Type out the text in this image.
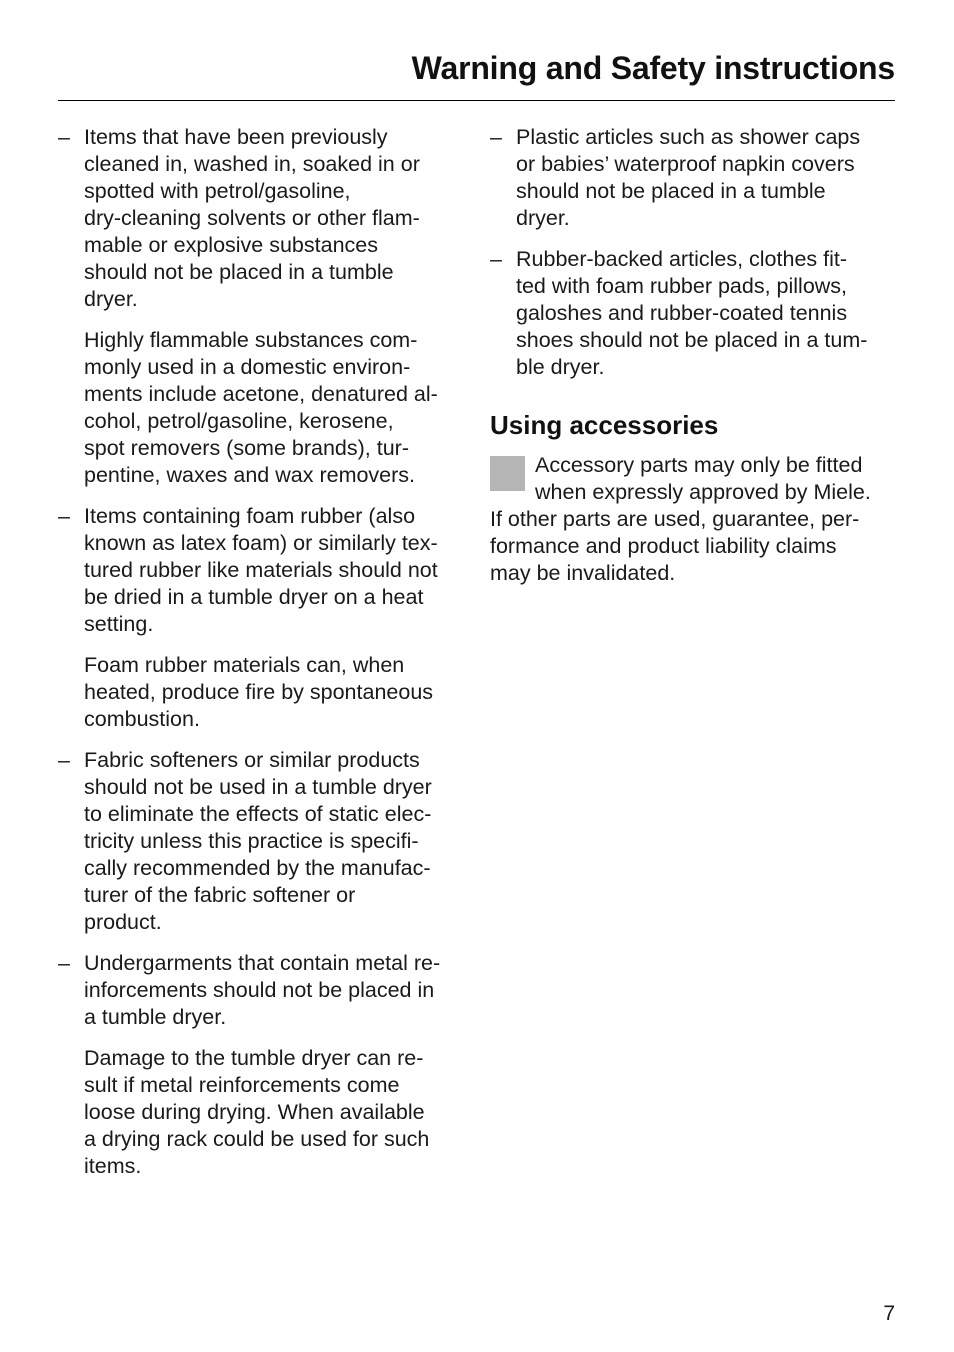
Warning and Safety instructions
– Items that have been previously
cleaned in, washed in, soaked in or
spotted with petrol/gasoline,
dry-cleaning solvents or other flam-
mable or explosive substances
should not be placed in a tumble
dryer.

Highly flammable substances com-
monly used in a domestic environ-
ments include acetone, denatured al-
cohol, petrol/gasoline, kerosene,
spot removers (some brands), tur-
pentine, waxes and wax removers.

– Items containing foam rubber (also
known as latex foam) or similarly tex-
tured rubber like materials should not
be dried in a tumble dryer on a heat
setting.

Foam rubber materials can, when
heated, produce fire by spontaneous
combustion.

– Fabric softeners or similar products
should not be used in a tumble dryer
to eliminate the effects of static elec-
tricity unless this practice is specifi-
cally recommended by the manufac-
turer of the fabric softener or
product.

– Undergarments that contain metal re-
inforcements should not be placed in
a tumble dryer.

Damage to the tumble dryer can re-
sult if metal reinforcements come
loose during drying. When available
a drying rack could be used for such
items.

– Plastic articles such as shower caps
or babies’ waterproof napkin covers
should not be placed in a tumble
dryer.

– Rubber-backed articles, clothes fit-
ted with foam rubber pads, pillows,
galoshes and rubber-coated tennis
shoes should not be placed in a tum-
ble dryer.

Using accessories
Accessory parts may only be fitted
when expressly approved by Miele.
If other parts are used, guarantee, per-
formance and product liability claims
may be invalidated.
7
